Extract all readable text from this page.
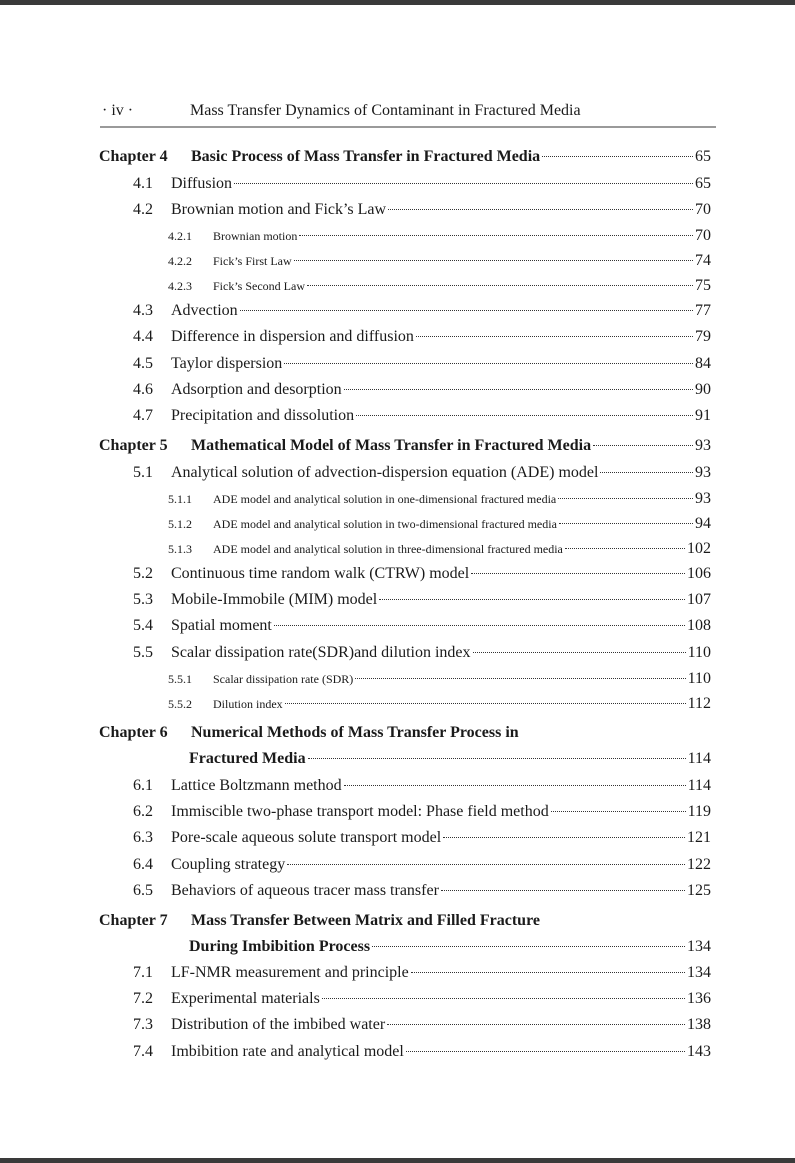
· iv ·	Mass Transfer Dynamics of Contaminant in Fractured Media
Chapter 4	Basic Process of Mass Transfer in Fractured Media	65
4.1	Diffusion	65
4.2	Brownian motion and Fick’s Law	70
4.2.1	Brownian motion	70
4.2.2	Fick’s First Law	74
4.2.3	Fick’s Second Law	75
4.3	Advection	77
4.4	Difference in dispersion and diffusion	79
4.5	Taylor dispersion	84
4.6	Adsorption and desorption	90
4.7	Precipitation and dissolution	91
Chapter 5	Mathematical Model of Mass Transfer in Fractured Media	93
5.1	Analytical solution of advection-dispersion equation (ADE) model	93
5.1.1	ADE model and analytical solution in one-dimensional fractured media	93
5.1.2	ADE model and analytical solution in two-dimensional fractured media	94
5.1.3	ADE model and analytical solution in three-dimensional fractured media	102
5.2	Continuous time random walk (CTRW) model	106
5.3	Mobile-Immobile (MIM) model	107
5.4	Spatial moment	108
5.5	Scalar dissipation rate(SDR)and dilution index	110
5.5.1	Scalar dissipation rate (SDR)	110
5.5.2	Dilution index	112
Chapter 6 Numerical Methods of Mass Transfer Process in
Fractured Media	114
6.1	Lattice Boltzmann method	114
6.2	Immiscible two-phase transport model: Phase field method	119
6.3	Pore-scale aqueous solute transport model	121
6.4	Coupling strategy	122
6.5	Behaviors of aqueous tracer mass transfer	125
Chapter 7 Mass Transfer Between Matrix and Filled Fracture
During Imbibition Process	134
7.1	LF-NMR measurement and principle	134
7.2	Experimental materials	136
7.3	Distribution of the imbibed water	138
7.4	Imbibition rate and analytical model	143
